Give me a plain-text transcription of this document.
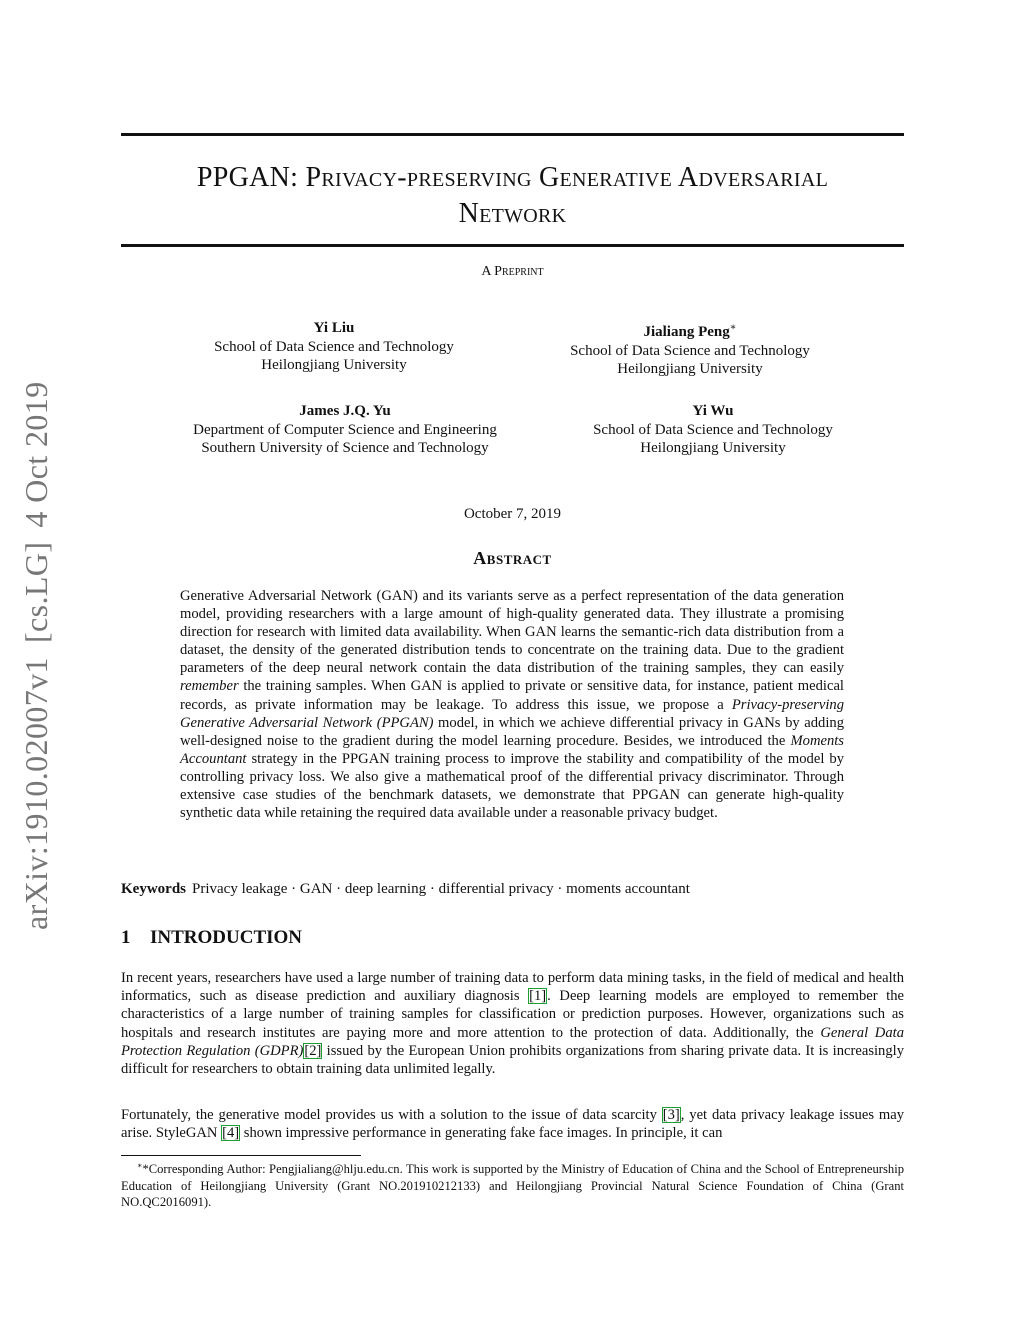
arXiv:1910.02007v1[cs.LG]4 Oct 2019
PPGAN: Privacy-preserving Generative Adversarial
Network
A Preprint
Yi Liu
School of Data Science and Technology
Heilongjiang University
Jialiang Peng∗
School of Data Science and Technology
Heilongjiang University
James J.Q. Yu
Department of Computer Science and Engineering
Southern University of Science and Technology
Yi Wu
School of Data Science and Technology
Heilongjiang University
October 7, 2019
Abstract
Generative Adversarial Network (GAN) and its variants serve as a perfect representation of the data generation model, providing researchers with a large amount of high-quality generated data. They illustrate a promising direction for research with limited data availability. When GAN learns the semantic-rich data distribution from a dataset, the density of the generated distribution tends to concentrate on the training data. Due to the gradient parameters of the deep neural network contain the data distribution of the training samples, they can easily remember the training samples. When GAN is applied to private or sensitive data, for instance, patient medical records, as private information may be leakage. To address this issue, we propose a Privacy-preserving Generative Adversarial Network (PPGAN) model, in which we achieve differential privacy in GANs by adding well-designed noise to the gradient during the model learning procedure. Besides, we introduced the Moments Accountant strategy in the PPGAN training process to improve the stability and compatibility of the model by controlling privacy loss. We also give a mathematical proof of the differential privacy discriminator. Through extensive case studies of the benchmark datasets, we demonstrate that PPGAN can generate high-quality synthetic data while retaining the required data available under a reasonable privacy budget.
Keywords Privacy leakage · GAN · deep learning · differential privacy · moments accountant
1 INTRODUCTION
In recent years, researchers have used a large number of training data to perform data mining tasks, in the field of medical and health informatics, such as disease prediction and auxiliary diagnosis [1]. Deep learning models are employed to remember the characteristics of a large number of training samples for classification or prediction purposes. However, organizations such as hospitals and research institutes are paying more and more attention to the protection of data. Additionally, the General Data Protection Regulation (GDPR)[2] issued by the European Union prohibits organizations from sharing private data. It is increasingly difficult for researchers to obtain training data unlimited legally.
Fortunately, the generative model provides us with a solution to the issue of data scarcity [3], yet data privacy leakage issues may arise. StyleGAN [4] shown impressive performance in generating fake face images. In principle, it can
∗*Corresponding Author: Pengjialiang@hlju.edu.cn. This work is supported by the Ministry of Education of China and the School of Entrepreneurship Education of Heilongjiang University (Grant NO.201910212133) and Heilongjiang Provincial Natural Science Foundation of China (Grant NO.QC2016091).
